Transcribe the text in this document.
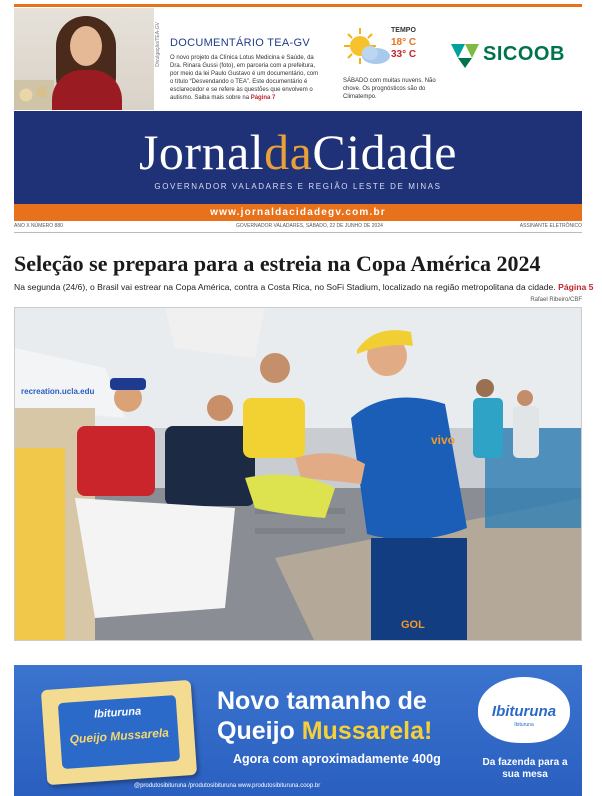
Divulgação/TEA-GV DOCUMENTÁRIO TEA-GV
O novo projeto da Clínica Lotus Medicina e Saúde, da Dra. Rinara Gussi (foto), em parceria com a prefeitura, por meio da lei Paulo Gustavo é um documentário, com o título “Desvendando o TEA”. Este documentário é esclarecedor e se refere às questões que envolvem o autismo. Saiba mais sobre na Página 7
TEMPO
18° C
33° C
SÁBADO com muitas nuvens. Não chove. Os prognósticos são do Climatempo.
SICOOB
JornaldaCidade
GOVERNADOR VALADARES E REGIÃO LESTE DE MINAS
www.jornaldacidadegv.com.br
ANO X NÚMERO 880	GOVERNADOR VALADARES, SÁBADO, 22 DE JUNHO DE 2024	ASSINANTE ELETRÔNICO
Seleção se prepara para a estreia na Copa América 2024
Na segunda (24/6), o Brasil vai estrear na Copa América, contra a Costa Rica, no SoFi Stadium, localizado na região metropolitana da cidade. Página 5
Rafael Ribeiro/CBF
recreation.ucla.edu
vivo
GOL
Ibituruna
Queijo Mussarela
Novo tamanho de
Queijo Mussarela!
Agora com aproximadamente 400g
@produtosibituruna /produtosibituruna www.produtosibituruna.coop.br
Ibituruna
Ibituruna
Da fazenda para a sua mesa
